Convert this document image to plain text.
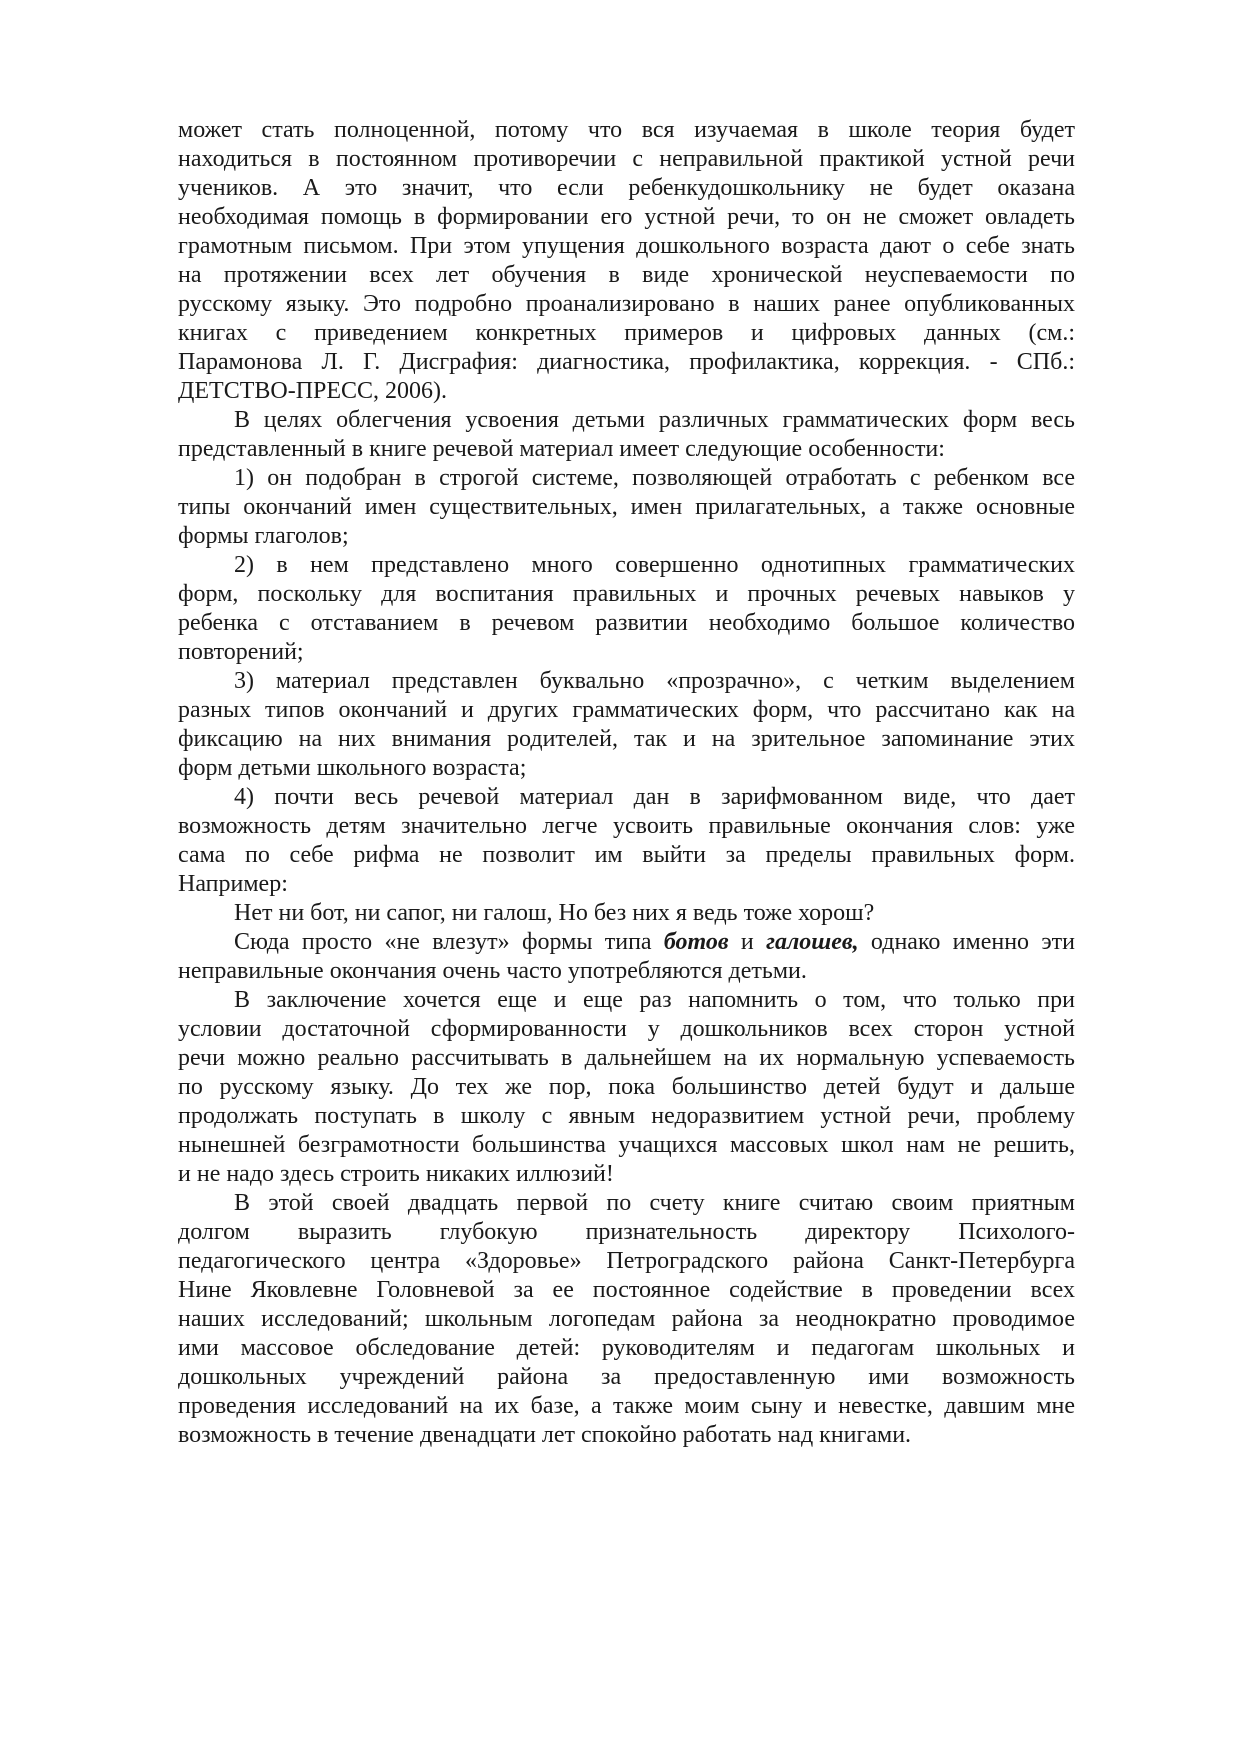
может стать полноценной, потому что вся изучаемая в школе теория будет
находиться в постоянном противоречии с неправильной практикой устной речи
учеников. А это значит, что если ребенкудошкольнику не будет оказана
необходимая помощь в формировании его устной речи, то он не сможет овладеть
грамотным письмом. При этом упущения дошкольного возраста дают о себе знать
на протяжении всех лет обучения в виде хронической неуспеваемости по
русскому языку. Это подробно проанализировано в наших ранее опубликованных
книгах с приведением конкретных примеров и цифровых данных (см.:
Парамонова Л. Г. Дисграфия: диагностика, профилактика, коррекция. - СПб.:
ДЕТСТВО-ПРЕСС, 2006).
В целях облегчения усвоения детьми различных грамматических форм весь
представленный в книге речевой материал имеет следующие особенности:
1) он подобран в строгой системе, позволяющей отработать с ребенком все
типы окончаний имен существительных, имен прилагательных, а также основные
формы глаголов;
2) в нем представлено много совершенно однотипных грамматических
форм, поскольку для воспитания правильных и прочных речевых навыков у
ребенка с отставанием в речевом развитии необходимо большое количество
повторений;
3) материал представлен буквально «прозрачно», с четким выделением
разных типов окончаний и других грамматических форм, что рассчитано как на
фиксацию на них внимания родителей, так и на зрительное запоминание этих
форм детьми школьного возраста;
4) почти весь речевой материал дан в зарифмованном виде, что дает
возможность детям значительно легче усвоить правильные окончания слов: уже
сама по себе рифма не позволит им выйти за пределы правильных форм.
Например:
Нет ни бот, ни сапог, ни галош, Но без них я ведь тоже хорош?
Сюда просто «не влезут» формы типа ботов и галошев, однако именно эти
неправильные окончания очень часто употребляются детьми.
В заключение хочется еще и еще раз напомнить о том, что только при
условии достаточной сформированности у дошкольников всех сторон устной
речи можно реально рассчитывать в дальнейшем на их нормальную успеваемость
по русскому языку. До тех же пор, пока большинство детей будут и дальше
продолжать поступать в школу с явным недоразвитием устной речи, проблему
нынешней безграмотности большинства учащихся массовых школ нам не решить,
и не надо здесь строить никаких иллюзий!
В этой своей двадцать первой по счету книге считаю своим приятным
долгом выразить глубокую признательность директору Психолого-
педагогического центра «Здоровье» Петроградского района Санкт-Петербурга
Нине Яковлевне Головневой за ее постоянное содействие в проведении всех
наших исследований; школьным логопедам района за неоднократно проводимое
ими массовое обследование детей: руководителям и педагогам школьных и
дошкольных учреждений района за предоставленную ими возможность
проведения исследований на их базе, а также моим сыну и невестке, давшим мне
возможность в течение двенадцати лет спокойно работать над книгами.
